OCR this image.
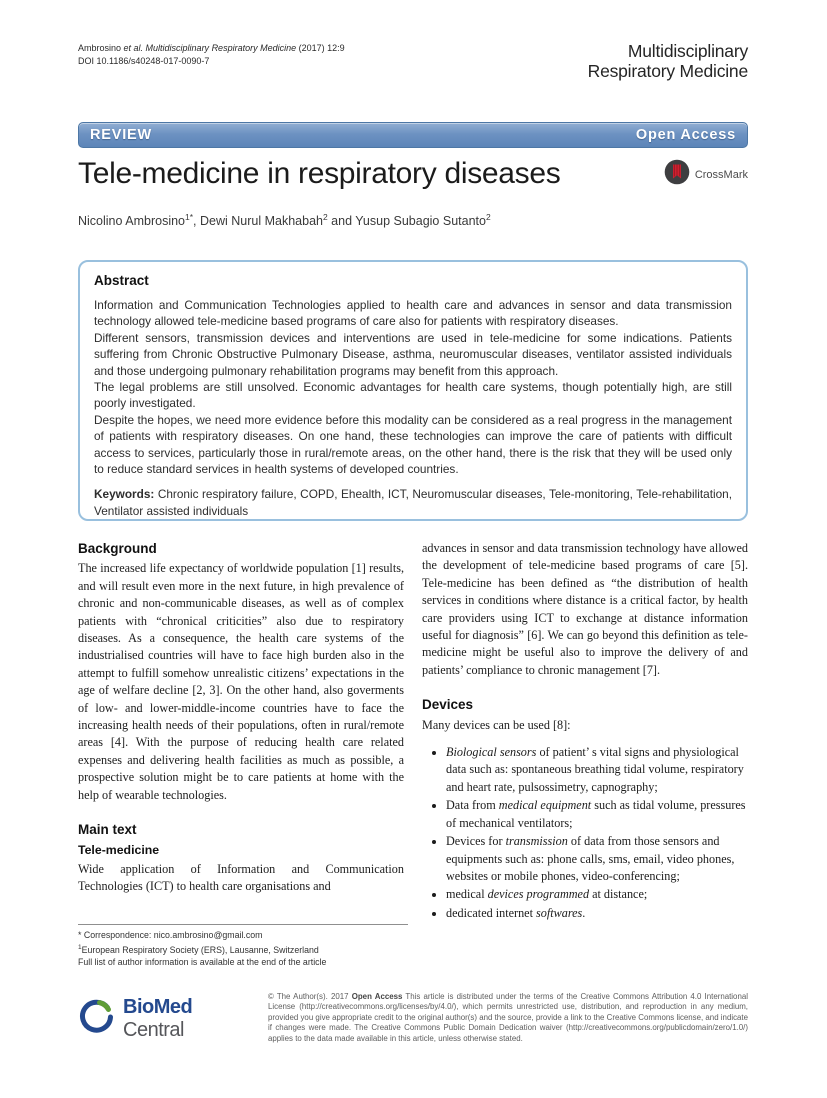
Ambrosino et al. Multidisciplinary Respiratory Medicine (2017) 12:9
DOI 10.1186/s40248-017-0090-7	Multidisciplinary
Respiratory Medicine
REVIEW	Open Access
Tele-medicine in respiratory diseases	CrossMark
Nicolino Ambrosino$^{1*}$, Dewi Nurul Makhabah$^2$ and Yusup Subagio Sutanto$^2$
Abstract

Information and Communication Technologies applied to health care and advances in sensor and data transmission technology allowed tele-medicine based programs of care also for patients with respiratory diseases.

Different sensors, transmission devices and interventions are used in tele-medicine for some indications. Patients suffering from Chronic Obstructive Pulmonary Disease, asthma, neuromuscular diseases, ventilator assisted individuals and those undergoing pulmonary rehabilitation programs may benefit from this approach.

The legal problems are still unsolved. Economic advantages for health care systems, though potentially high, are still poorly investigated.

Despite the hopes, we need more evidence before this modality can be considered as a real progress in the management of patients with respiratory diseases. On one hand, these technologies can improve the care of patients with difficult access to services, particularly those in rural/remote areas, on the other hand, there is the risk that they will be used only to reduce standard services in health systems of developed countries.

Keywords: Chronic respiratory failure, COPD, Ehealth, ICT, Neuromuscular diseases, Tele-monitoring, Tele-rehabilitation, Ventilator assisted individuals

Background

The increased life expectancy of worldwide population [1] results, and will result even more in the next future, in high prevalence of chronic and non-communicable diseases, as well as of complex patients with “chronical criticities” also due to respiratory diseases. As a consequence, the health care systems of the industrialised countries will have to face high burden also in the attempt to fulfill somehow unrealistic citizens’ expectations in the age of welfare decline [2, 3]. On the other hand, also goverments of low- and lower-middle-income countries have to face the increasing health needs of their populations, often in rural/remote areas [4]. With the purpose of reducing health care related expenses and delivering health facilities as much as possible, a prospective solution might be to care patients at home with the help of wearable technologies.

Main text
Tele-medicine

Wide application of Information and Communication Technologies (ICT) to health care organisations and

advances in sensor and data transmission technology have allowed the development of tele-medicine based programs of care [5]. Tele-medicine has been defined as “the distribution of health services in conditions where distance is a critical factor, by health care providers using ICT to exchange at distance information useful for diagnosis” [6]. We can go beyond this definition as tele-medicine might be useful also to improve the delivery of and patients’ compliance to chronic management [7].

Devices

Many devices can be used [8]:

• Biological sensors of patient’ s vital signs and physiological data such as: spontaneous breathing tidal volume, respiratory and heart rate, pulsossimetry, capnography;
• Data from medical equipment such as tidal volume, pressures of mechanical ventilators;
• Devices for transmission of data from those sensors and equipments such as: phone calls, sms, email, video phones, websites or mobile phones, video-conferencing;
• medical devices programmed at distance;
• dedicated internet softwares.
* Correspondence: nico.ambrosino@gmail.com
$^1$European Respiratory Society (ERS), Lausanne, Switzerland
Full list of author information is available at the end of the article
BioMed Central

© The Author(s). 2017 Open Access This article is distributed under the terms of the Creative Commons Attribution 4.0 International License (http://creativecommons.org/licenses/by/4.0/), which permits unrestricted use, distribution, and reproduction in any medium, provided you give appropriate credit to the original author(s) and the source, provide a link to the Creative Commons license, and indicate if changes were made. The Creative Commons Public Domain Dedication waiver (http://creativecommons.org/publicdomain/zero/1.0/) applies to the data made available in this article, unless otherwise stated.
